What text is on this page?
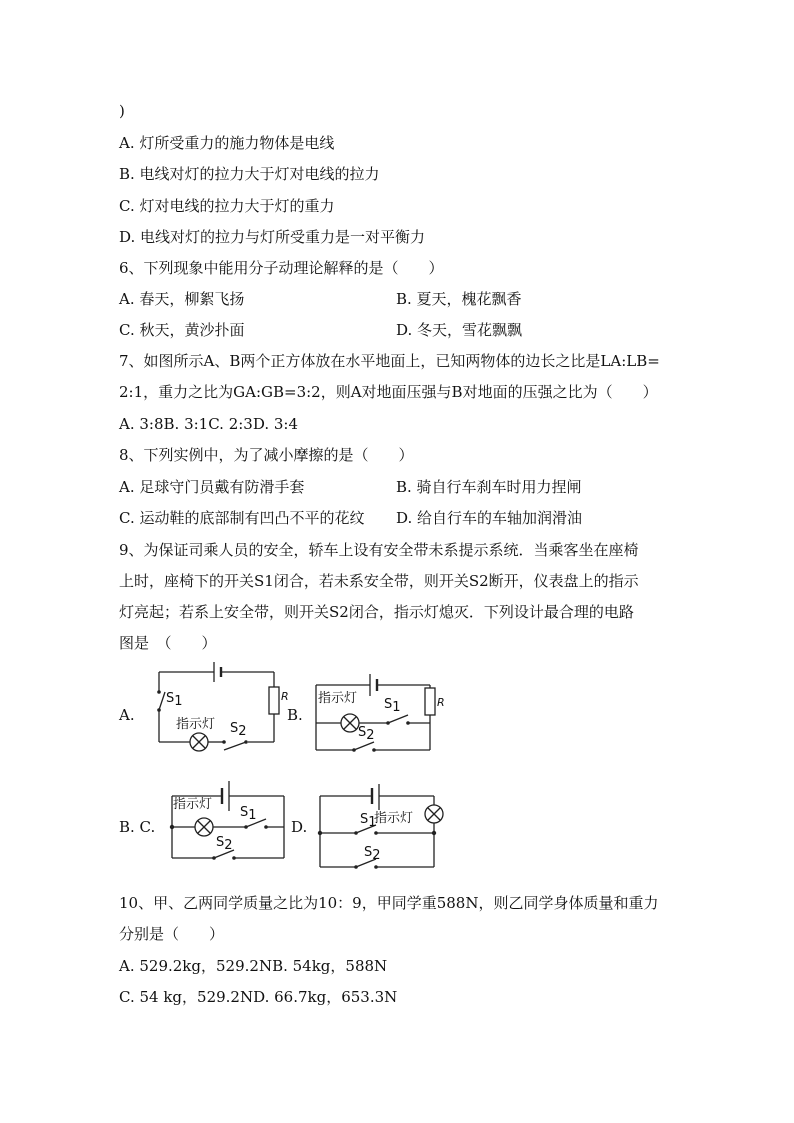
)
A. 灯所受重力的施力物体是电线
B. 电线对灯的拉力大于灯对电线的拉力
C. 灯对电线的拉力大于灯的重力
D. 电线对灯的拉力与灯所受重力是一对平衡力
6、下列现象中能用分子动理论解释的是（　　）
A. 春天，柳絮飞扬	B. 夏天，槐花飘香
C. 秋天，黄沙扑面	D. 冬天，雪花飘飘
7、如图所示A、B两个正方体放在水平地面上，已知两物体的边长之比是LA:LB=
2:1，重力之比为GA:GB=3:2，则A对地面压强与B对地面的压强之比为（　　）
A. 3:8B. 3:1C. 2:3D. 3:4
8、下列实例中，为了减小摩擦的是（　　）
A. 足球守门员戴有防滑手套	B. 骑自行车刹车时用力捏闸
C. 运动鞋的底部制有凹凸不平的花纹 D. 给自行车的车轴加润滑油
9、为保证司乘人员的安全，轿车上设有安全带未系提示系统．当乘客坐在座椅
上时，座椅下的开关S1闭合，若未系安全带，则开关S2断开，仪表盘上的指示
灯亮起；若系上安全带，则开关S2闭合，指示灯熄灭．下列设计最合理的电路
图是　（　　）
A.	B.
B. C.	D.
R
S2
指示灯
S1	R
指示灯 S1
S2
指示灯
S1
S2
指示灯
S1
S2
10、甲、乙两同学质量之比为10：9，甲同学重588N，则乙同学身体质量和重力
分别是（　　）
A. 529.2kg，529.2NB. 54kg，588N
C. 54 kg，529.2ND. 66.7kg，653.3N
